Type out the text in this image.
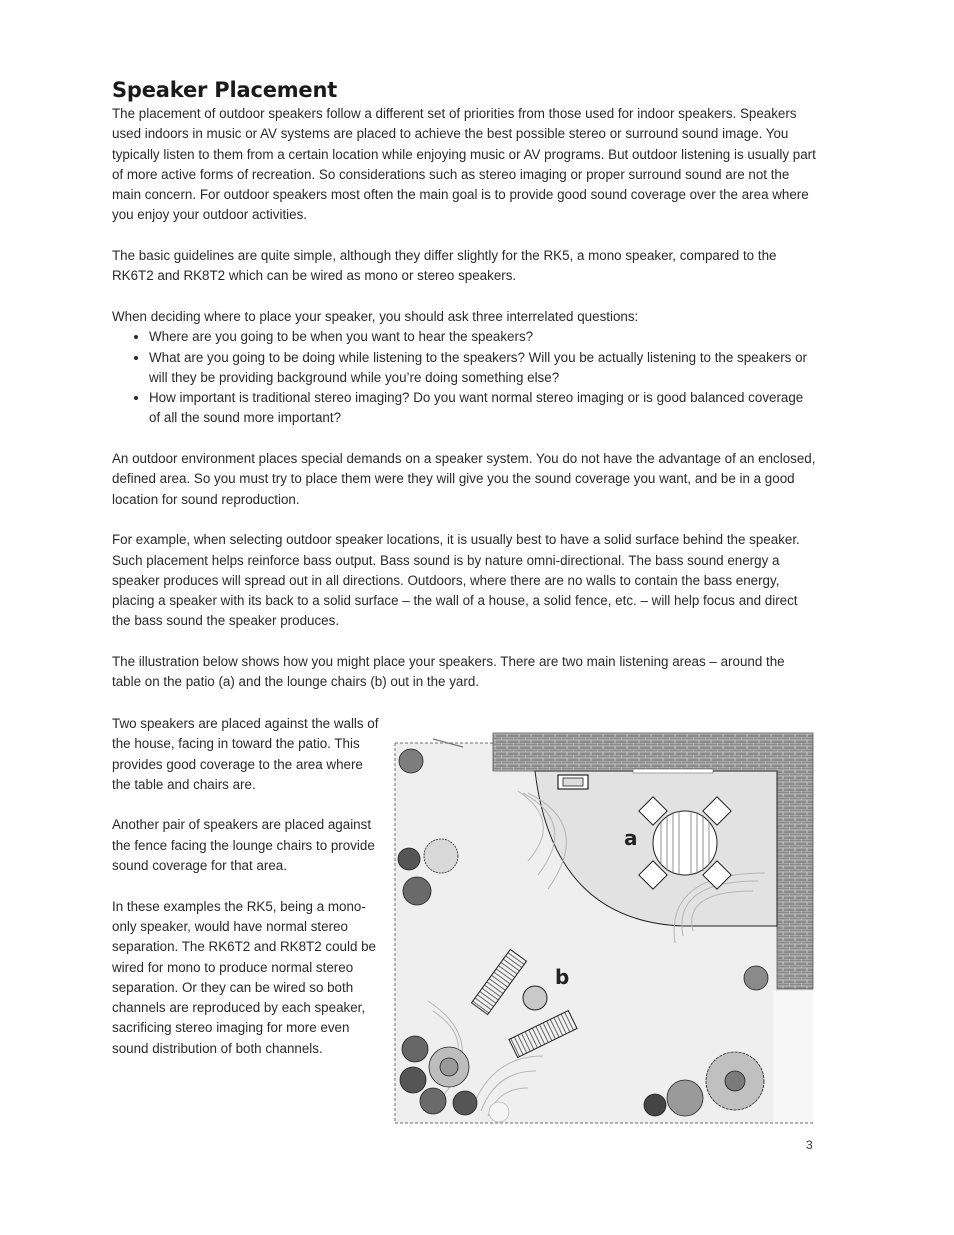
Speaker Placement

The placement of outdoor speakers follow a different set of priorities from those used for indoor speakers. Speakers used indoors in music or AV systems are placed to achieve the best possible stereo or surround sound image. You typically listen to them from a certain location while enjoying music or AV programs. But outdoor listening is usually part of more active forms of recreation. So considerations such as stereo imaging or proper surround sound are not the main concern. For outdoor speakers most often the main goal is to provide good sound coverage over the area where you enjoy your outdoor activities.

The basic guidelines are quite simple, although they differ slightly for the RK5, a mono speaker, compared to the RK6T2 and RK8T2 which can be wired as mono or stereo speakers.

When deciding where to place your speaker, you should ask three interrelated questions:

• Where are you going to be when you want to hear the speakers?
• What are you going to be doing while listening to the speakers? Will you be actually listening to the speakers or will they be providing background while you’re doing something else?
• How important is traditional stereo imaging? Do you want normal stereo imaging or is good balanced coverage of all the sound more important?

An outdoor environment places special demands on a speaker system. You do not have the advantage of an enclosed, defined area. So you must try to place them were they will give you the sound coverage you want, and be in a good location for sound reproduction.

For example, when selecting outdoor speaker locations, it is usually best to have a solid surface behind the speaker. Such placement helps reinforce bass output. Bass sound is by nature omni-directional. The bass sound energy a speaker produces will spread out in all directions. Outdoors, where there are no walls to contain the bass energy, placing a speaker with its back to a solid surface – the wall of a house, a solid fence, etc. – will help focus and direct the bass sound the speaker produces.

The illustration below shows how you might place your speakers. There are two main listening areas – around the table on the patio (a) and the lounge chairs (b) out in the yard.

Two speakers are placed against the walls of the house, facing in toward the patio. This provides good coverage to the area where the table and chairs are.

Another pair of speakers are placed against the fence facing the lounge chairs to provide sound coverage for that area.

In these examples the RK5, being a mono-only speaker, would have normal stereo separation. The RK6T2 and RK8T2 could be wired for mono to produce normal stereo separation. Or they can be wired so both channels are reproduced by each speaker, sacrificing stereo imaging for more even sound distribution of both channels.

a
b
3
